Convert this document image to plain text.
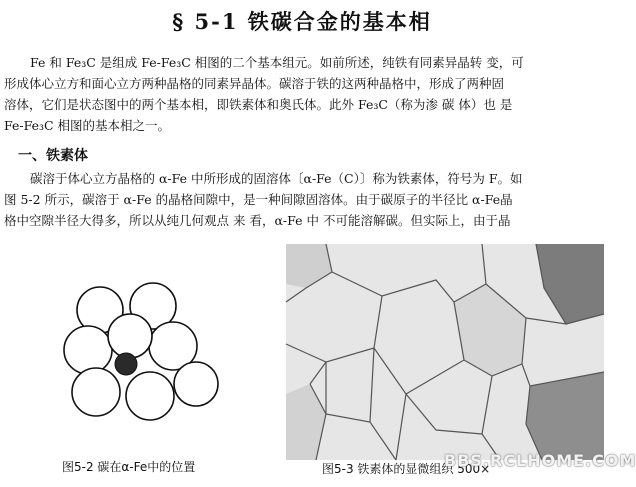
§ 5-1 铁碳合金的基本相
Fe 和 Fe₃C 是组成 Fe-Fe₃C 相图的二个基本组元。如前所述，纯铁有同素异晶转 变，可
形成体心立方和面心立方两种晶格的同素异晶体。碳溶于铁的这两种晶格中，形成了两种固
溶体，它们是状态图中的两个基本相，即铁素体和奥氏体。此外 Fe₃C（称为渗 碳 体）也 是
Fe-Fe₃C 相图的基本相之一。
一、铁素体
碳溶于体心立方晶格的 α-Fe 中所形成的固溶体〔α-Fe（C）〕称为铁素体，符号为 F。如
图 5-2 所示，碳溶于 α-Fe 的晶格间隙中，是一种间隙固溶体。由于碳原子的半径比 α-Fe晶
格中空隙半径大得多，所以从纯几何观点 来 看，α-Fe 中 不可能溶解碳。但实际上，由于晶
图5-2 碳在α-Fe中的位置	图5-3 铁素体的显微组织 500×
BBS.RCLHOME.COM
